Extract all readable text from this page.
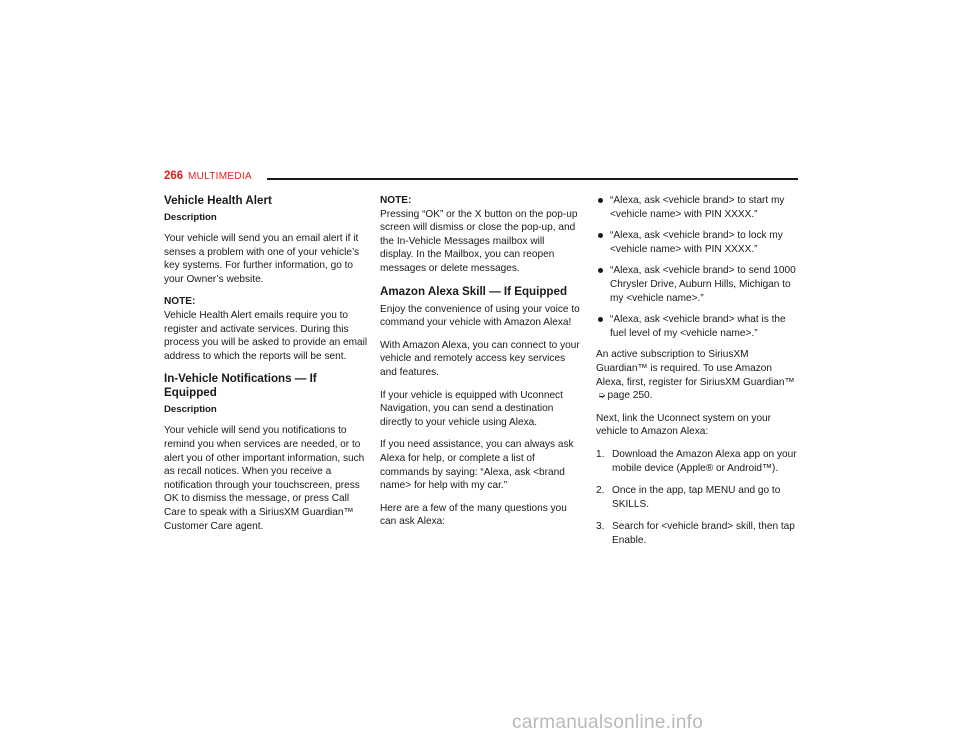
266 MULTIMEDIA
Vehicle Health Alert
Description

Your vehicle will send you an email alert if it senses a problem with one of your vehicle’s key systems. For further information, go to your Owner’s website.

NOTE:
Vehicle Health Alert emails require you to register and activate services. During this process you will be asked to provide an email address to which the reports will be sent.

In-Vehicle Notifications — If Equipped
Description

Your vehicle will send you notifications to remind you when services are needed, or to alert you of other important information, such as recall notices. When you receive a notification through your touchscreen, press OK to dismiss the message, or press Call Care to speak with a SiriusXM Guardian™ Customer Care agent.

NOTE:
Pressing “OK” or the X button on the pop-up screen will dismiss or close the pop-up, and the In-Vehicle Messages mailbox will display. In the Mailbox, you can reopen messages or delete messages.

Amazon Alexa Skill — If Equipped

Enjoy the convenience of using your voice to command your vehicle with Amazon Alexa!

With Amazon Alexa, you can connect to your vehicle and remotely access key services and features.

If your vehicle is equipped with Uconnect Navigation, you can send a destination directly to your vehicle using Alexa.

If you need assistance, you can always ask Alexa for help, or complete a list of commands by saying: “Alexa, ask <brand name> for help with my car.”

Here are a few of the many questions you can ask Alexa:

“Alexa, ask <vehicle brand> to start my <vehicle name> with PIN XXXX.”
“Alexa, ask <vehicle brand> to lock my <vehicle name> with PIN XXXX.”
“Alexa, ask <vehicle brand> to send 1000 Chrysler Drive, Auburn Hills, Michigan to my <vehicle name>.”
“Alexa, ask <vehicle brand> what is the fuel level of my <vehicle name>.”

An active subscription to SiriusXM Guardian™ is required. To use Amazon Alexa, first, register for SiriusXM Guardian™ ➭ page 250.

Next, link the Uconnect system on your vehicle to Amazon Alexa:

1. Download the Amazon Alexa app on your mobile device (Apple® or Android™).
2. Once in the app, tap MENU and go to SKILLS.
3. Search for <vehicle brand> skill, then tap Enable.
carmanualsonline.info
